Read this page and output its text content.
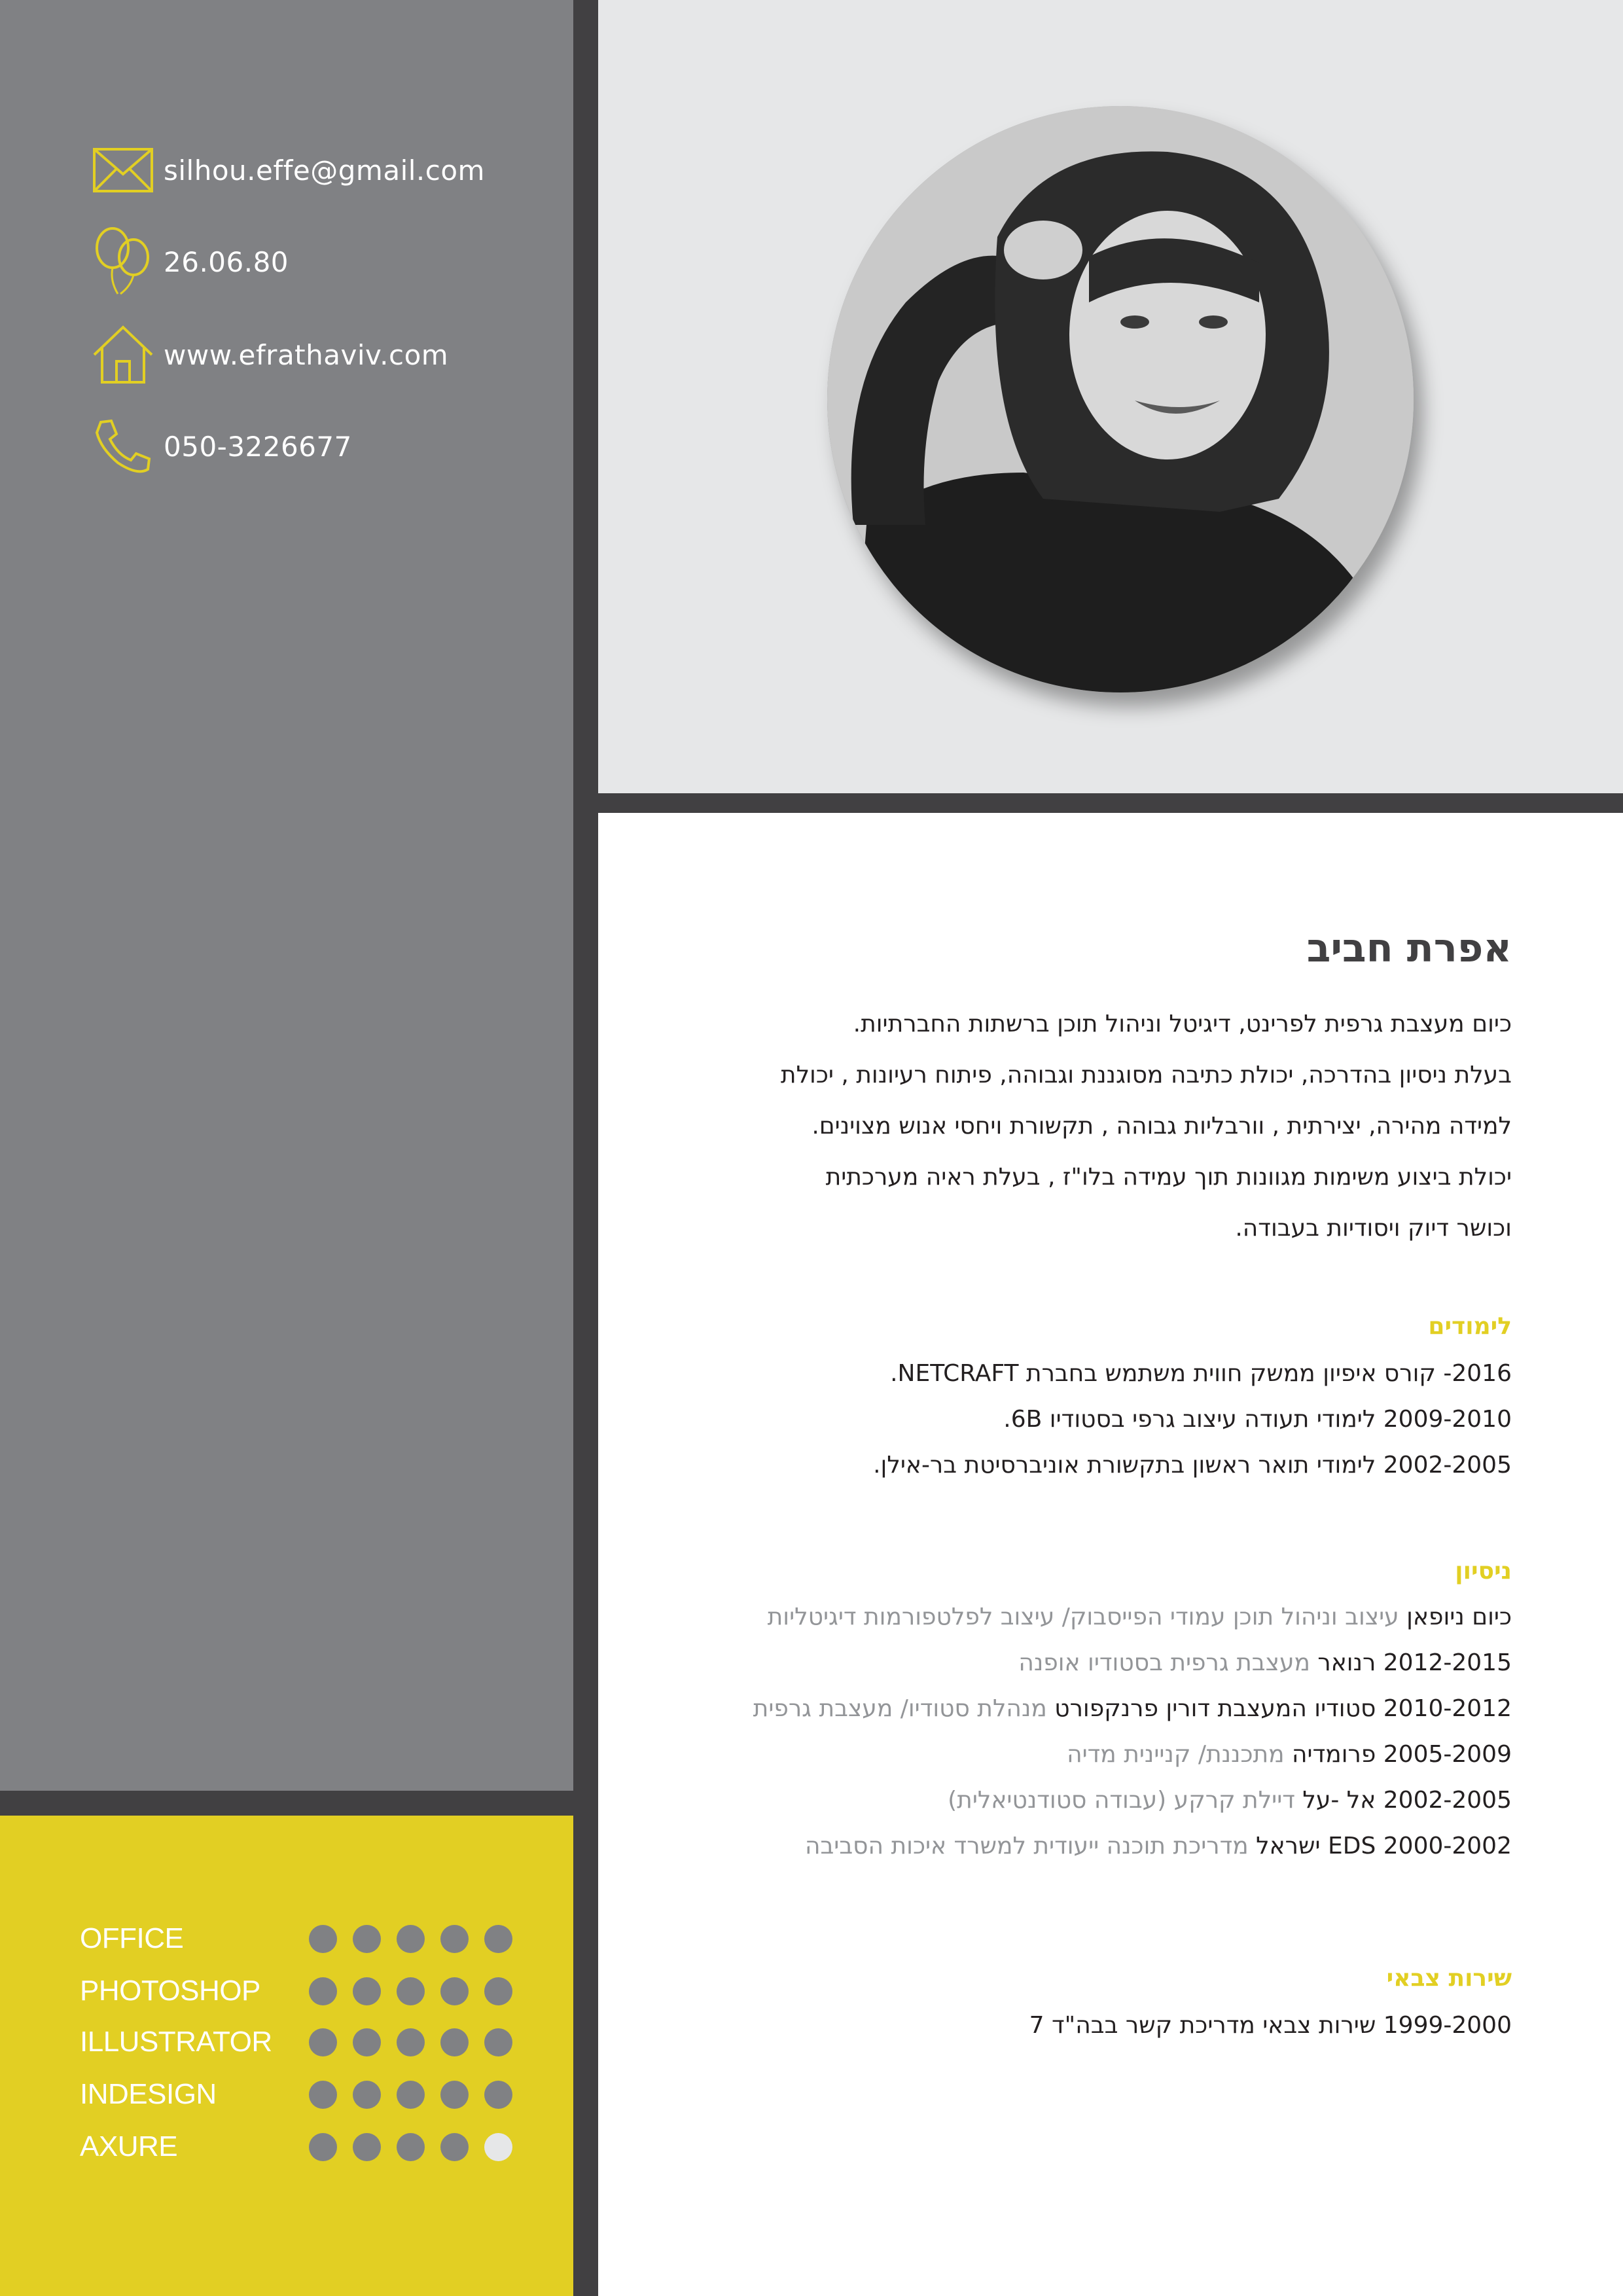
silhou.effe@gmail.com
26.06.80
www.efrathaviv.com
050-3226677
OFFICE
PHOTOSHOP
ILLUSTRATOR
INDESIGN
AXURE
אפרת חביב
כיום מעצבת גרפית לפרינט, דיגיטל וניהול תוכן ברשתות החברתיות.
בעלת ניסיון בהדרכה, יכולת כתיבה מסוגננת וגבוהה, פיתוח רעיונות , יכולת
למידה מהירה, יצירתית , וורבליות גבוהה , תקשורת ויחסי אנוש מצוינים.
יכולת ביצוע משימות מגוונות תוך עמידה בלו"ז , בעלת ראיה מערכתית
וכושר דיוק ויסודיות בעבודה.
לימודים
2016- קורס איפיון ממשק חווית משתמש בחברת NETCRAFT.
2009-2010 לימודי תעודה עיצוב גרפי בסטודיו 6B.
2002-2005 לימודי תואר ראשון בתקשורת אוניברסיטת בר-אילן.
ניסיון
כיום ניופאן עיצוב וניהול תוכן עמודי הפייסבוק/ עיצוב לפלטפורמות דיגיטליות
2012-2015 רנואר מעצבת גרפית בסטודיו אופנה
2010-2012 סטודיו המעצבת דורין פרנקפורט מנהלת סטודיו/ מעצבת גרפית
2005-2009 פרומדיה מתכננת/ קניינית מדיה
2002-2005 אל -על דיילת קרקע (עבודה סטודנטיאלית)
2000-2002 EDS ישראל מדריכת תוכנה ייעודית למשרד איכות הסביבה
שירות צבאי
1999-2000 שירות צבאי מדריכת קשר בבה"ד 7
